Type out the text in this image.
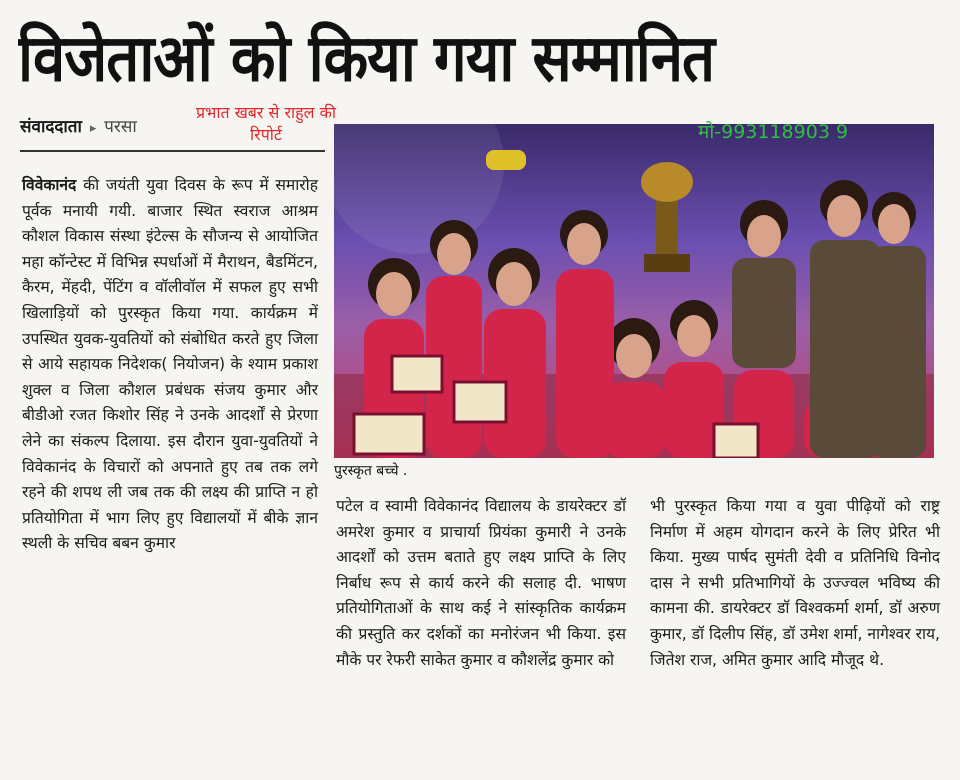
विजेताओं को किया गया सम्मानित
संवाददाता ▸ परसा
प्रभात खबर से राहुल की रिपोर्ट	मो-993118903 9
पुरस्कृत बच्चे .

विवेकानंद की जयंती युवा दिवस के रूप में समारोह पूर्वक मनायी गयी. बाजार स्थित स्वराज आश्रम कौशल विकास संस्था इंटेल्स के सौजन्य से आयोजित महा कॉन्टेस्ट में विभिन्न स्पर्धाओं में मैराथन, बैडमिंटन, कैरम, मेंहदी, पेंटिंग व वॉलीवॉल में सफल हुए सभी खिलाड़ियों को पुरस्कृत किया गया. कार्यक्रम में उपस्थित युवक-युवतियों को संबोधित करते हुए जिला से आये सहायक निदेशक( नियोजन) के श्याम प्रकाश शुक्ल व जिला कौशल प्रबंधक संजय कुमार और बीडीओ रजत किशोर सिंह ने उनके आदर्शों से प्रेरणा लेने का संकल्प दिलाया. इस दौरान युवा-युवतियों ने विवेकानंद के विचारों को अपनाते हुए तब तक लगे रहने की शपथ ली जब तक की लक्ष्य की प्राप्ति न हो प्रतियोगिता में भाग लिए हुए विद्यालयों में बीके ज्ञान स्थली के सचिव बबन कुमार

पटेल व स्वामी विवेकानंद विद्यालय के डायरेक्टर डॉ अमरेश कुमार व प्राचार्या प्रियंका कुमारी ने उनके आदर्शों को उत्तम बताते हुए लक्ष्य प्राप्ति के लिए निर्बाध रूप से कार्य करने की सलाह दी. भाषण प्रतियोगिताओं के साथ कई ने सांस्कृतिक कार्यक्रम की प्रस्तुति कर दर्शकों का मनोरंजन भी किया. इस मौके पर रेफरी साकेत कुमार व कौशलेंद्र कुमार को

भी पुरस्कृत किया गया व युवा पीढ़ियों को राष्ट्र निर्माण में अहम योगदान करने के लिए प्रेरित भी किया. मुख्य पार्षद सुमंती देवी व प्रतिनिधि विनोद दास ने सभी प्रतिभागियों के उज्ज्वल भविष्य की कामना की. डायरेक्टर डॉ विश्वकर्मा शर्मा, डॉ अरुण कुमार, डॉ दिलीप सिंह, डॉ उमेश शर्मा, नागेश्वर राय, जितेश राज, अमित कुमार आदि मौजूद थे.
